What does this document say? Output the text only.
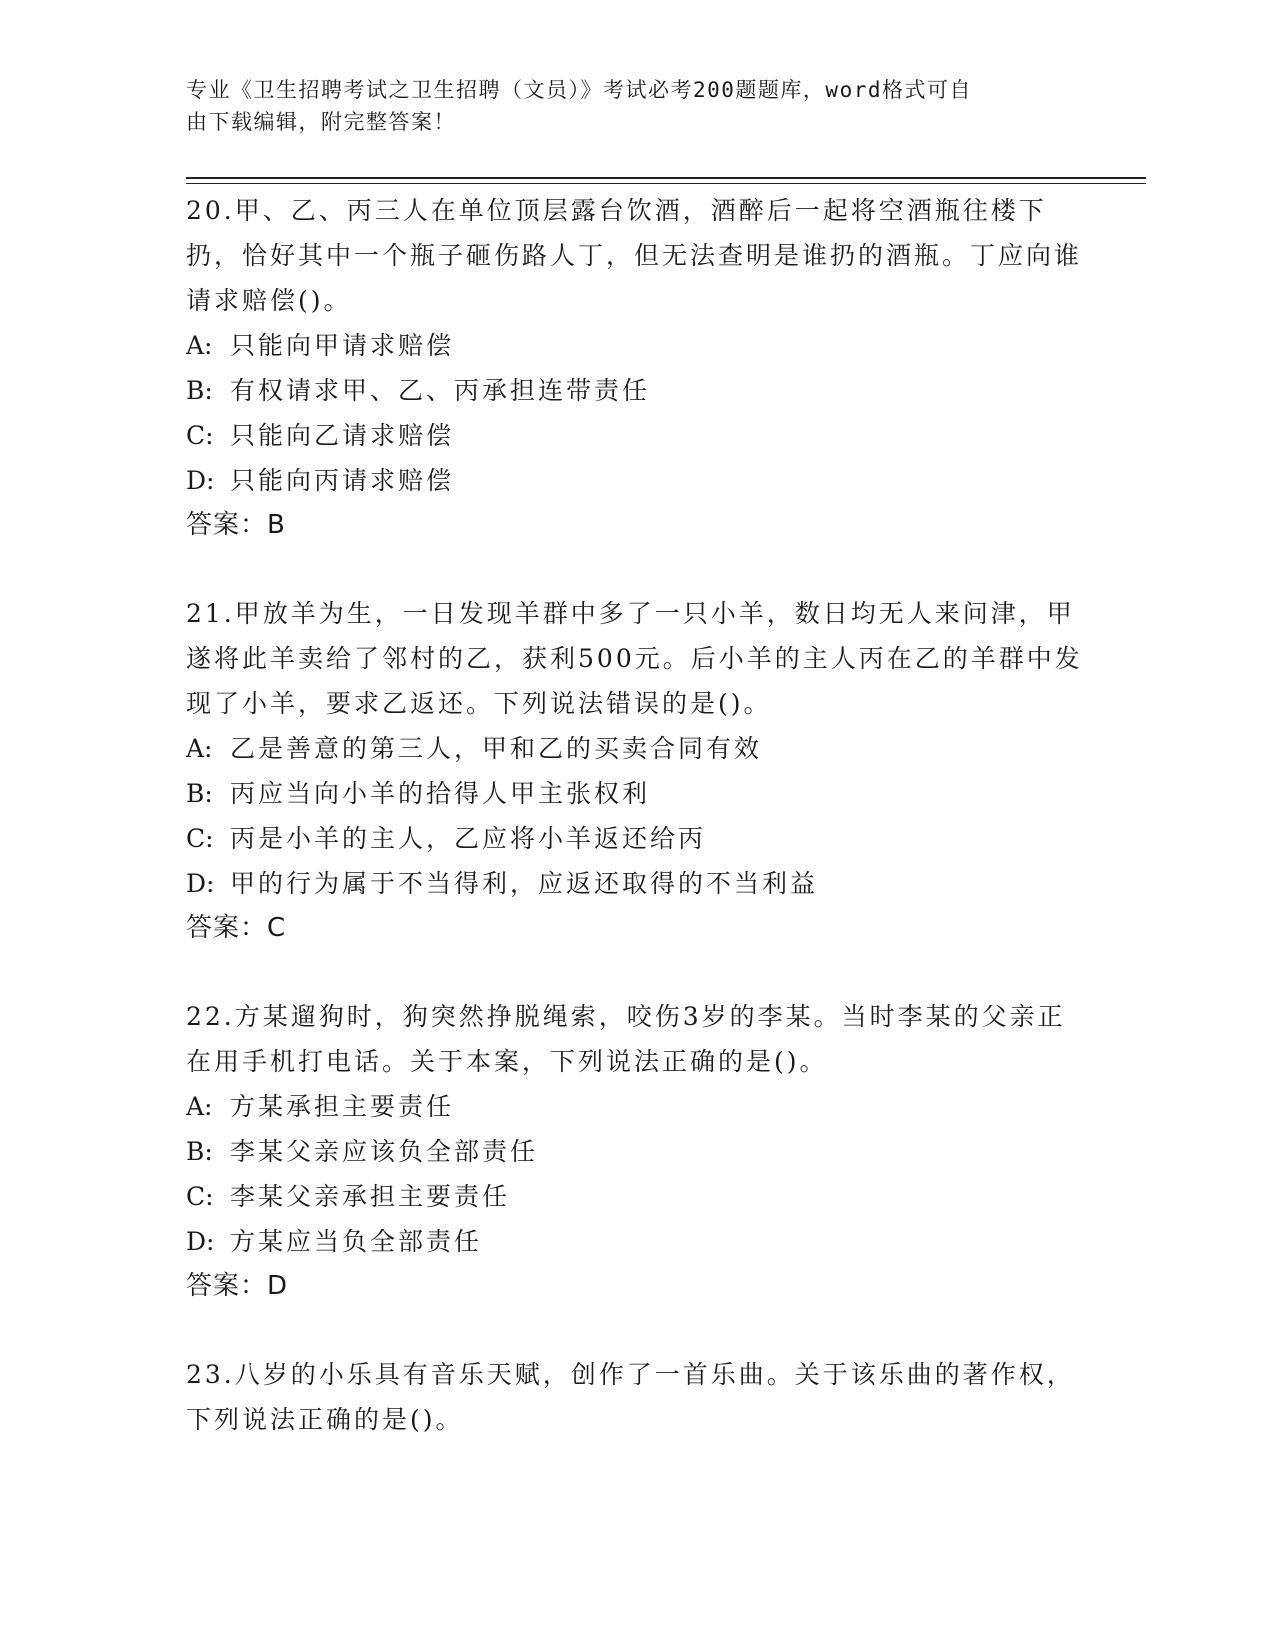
专业《卫生招聘考试之卫生招聘（文员）》考试必考200题题库，word格式可自
由下载编辑，附完整答案！
20.甲、乙、丙三人在单位顶层露台饮酒，酒醉后一起将空酒瓶往楼下扔，恰好其中一个瓶子砸伤路人丁，但无法查明是谁扔的酒瓶。丁应向谁请求赔偿()。
A: 只能向甲请求赔偿
B: 有权请求甲、乙、丙承担连带责任
C: 只能向乙请求赔偿
D: 只能向丙请求赔偿
答案：B
21.甲放羊为生，一日发现羊群中多了一只小羊，数日均无人来问津，甲遂将此羊卖给了邻村的乙，获利500元。后小羊的主人丙在乙的羊群中发现了小羊，要求乙返还。下列说法错误的是()。
A: 乙是善意的第三人，甲和乙的买卖合同有效
B: 丙应当向小羊的拾得人甲主张权利
C: 丙是小羊的主人，乙应将小羊返还给丙
D: 甲的行为属于不当得利，应返还取得的不当利益
答案：C
22.方某遛狗时，狗突然挣脱绳索，咬伤3岁的李某。当时李某的父亲正在用手机打电话。关于本案，下列说法正确的是()。
A: 方某承担主要责任
B: 李某父亲应该负全部责任
C: 李某父亲承担主要责任
D: 方某应当负全部责任
答案：D
23.八岁的小乐具有音乐天赋，创作了一首乐曲。关于该乐曲的著作权，下列说法正确的是()。
